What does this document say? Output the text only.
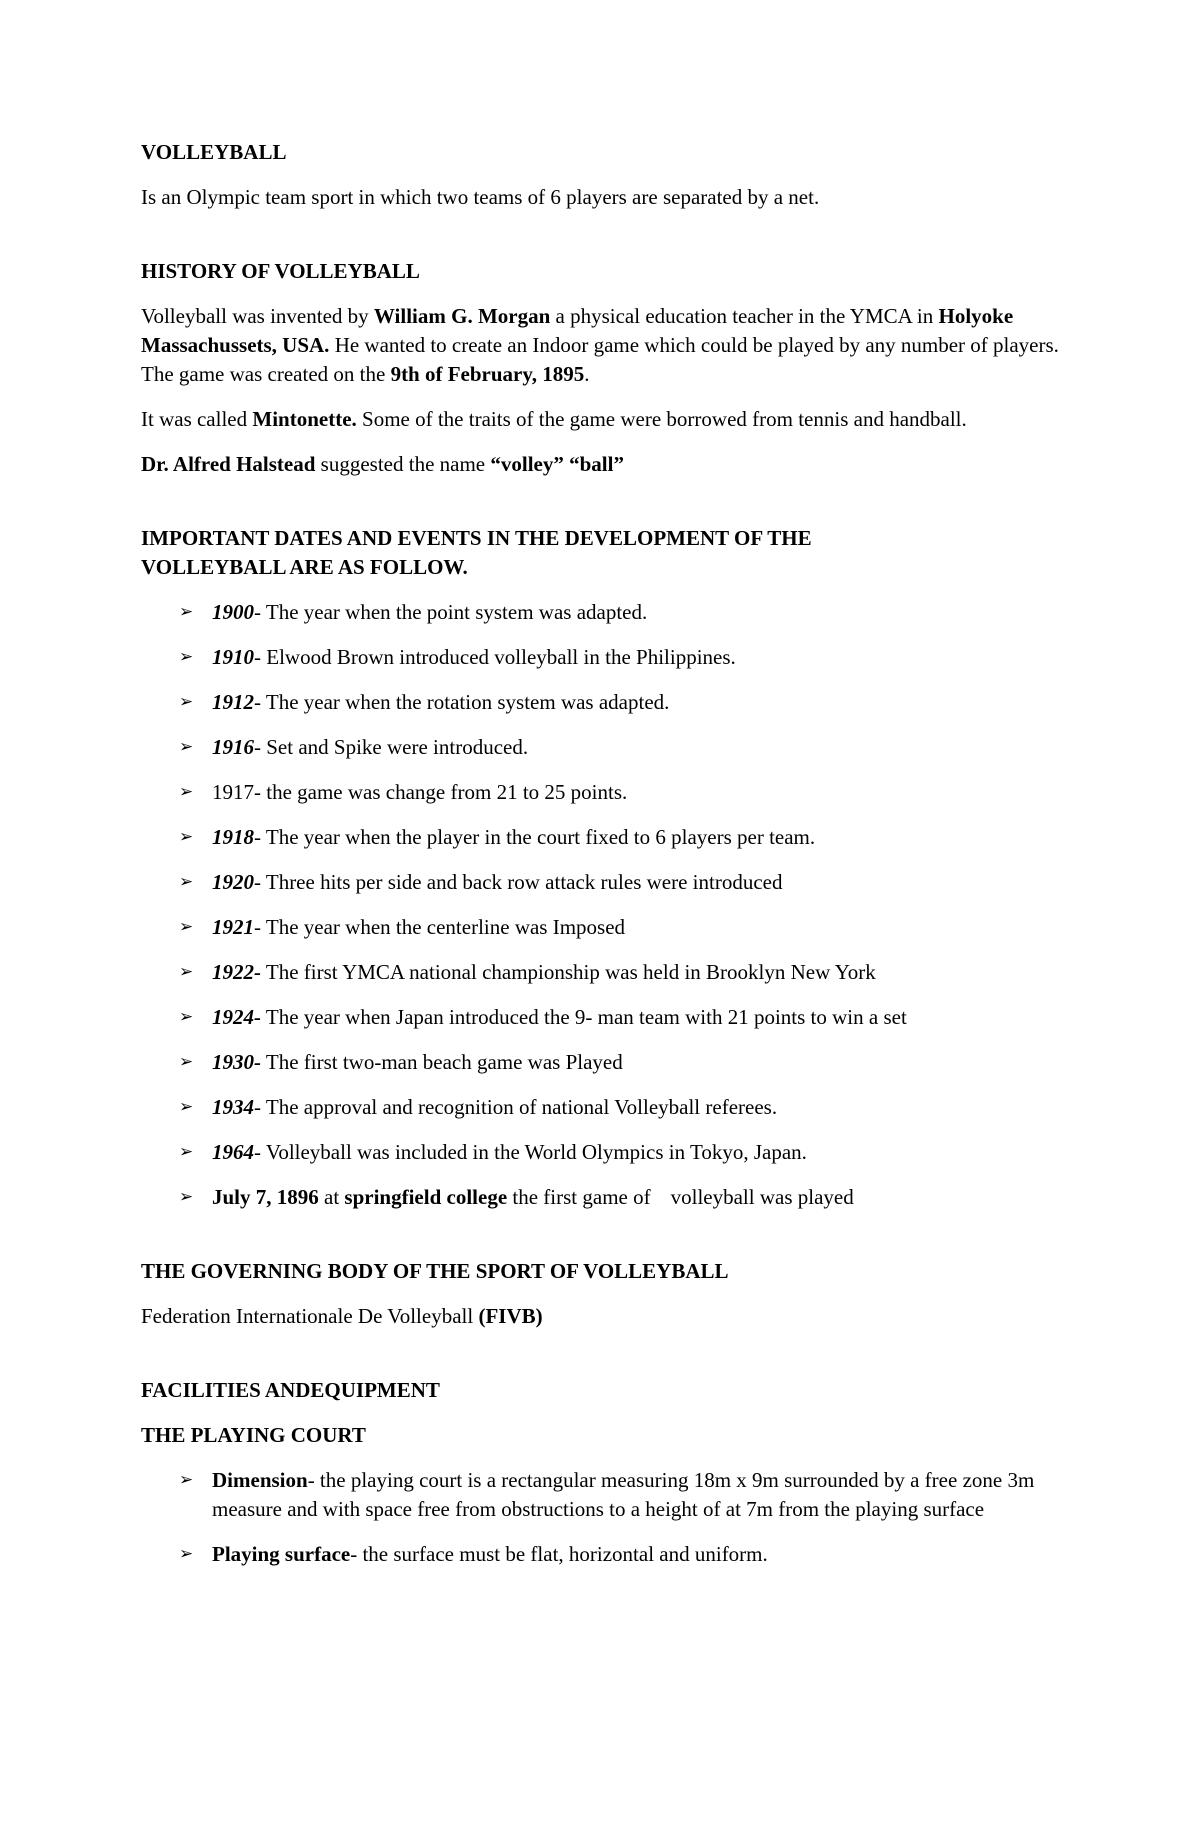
VOLLEYBALL

Is an Olympic team sport in which two teams of 6 players are separated by a net.

HISTORY OF VOLLEYBALL

Volleyball was invented by William G. Morgan a physical education teacher in the YMCA in Holyoke Massachussets, USA. He wanted to create an Indoor game which could be played by any number of players. The game was created on the 9th of February, 1895.

It was called Mintonette. Some of the traits of the game were borrowed from tennis and handball.

Dr. Alfred Halstead suggested the name “volley” “ball”

IMPORTANT DATES AND EVENTS IN THE DEVELOPMENT OF THE
VOLLEYBALL ARE AS FOLLOW.

➢ 1900- The year when the point system was adapted.
➢ 1910- Elwood Brown introduced volleyball in the Philippines.
➢ 1912- The year when the rotation system was adapted.
➢ 1916- Set and Spike were introduced.
➢ 1917- the game was change from 21 to 25 points.
➢ 1918- The year when the player in the court fixed to 6 players per team.
➢ 1920- Three hits per side and back row attack rules were introduced
➢ 1921- The year when the centerline was Imposed
➢ 1922- The first YMCA national championship was held in Brooklyn New York
➢ 1924- The year when Japan introduced the 9- man team with 21 points to win a set
➢ 1930- The first two-man beach game was Played
➢ 1934- The approval and recognition of national Volleyball referees.
➢ 1964- Volleyball was included in the World Olympics in Tokyo, Japan.
➢ July 7, 1896 at springfield college the first game of volleyball was played

THE GOVERNING BODY OF THE SPORT OF VOLLEYBALL

Federation Internationale De Volleyball (FIVB)

FACILITIES ANDEQUIPMENT

THE PLAYING COURT

➢ Dimension- the playing court is a rectangular measuring 18m x 9m surrounded by a free zone 3m measure and with space free from obstructions to a height of at 7m from the playing surface
➢ Playing surface- the surface must be flat, horizontal and uniform.
